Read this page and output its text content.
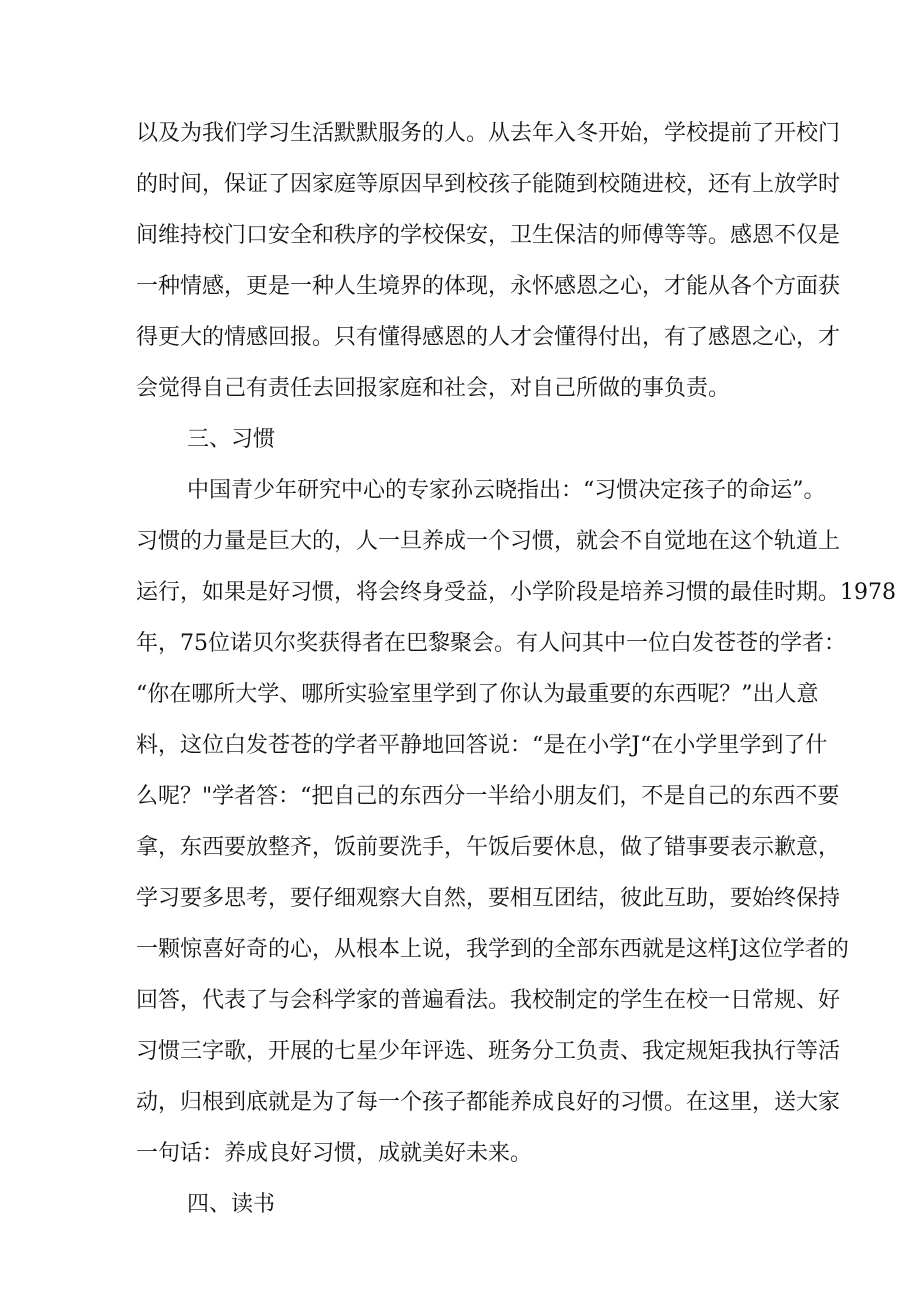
以及为我们学习生活默默服务的人。从去年入冬开始，学校提前了开校门
的时间，保证了因家庭等原因早到校孩子能随到校随进校，还有上放学时
间维持校门口安全和秩序的学校保安，卫生保洁的师傅等等。感恩不仅是
一种情感，更是一种人生境界的体现，永怀感恩之心，才能从各个方面获
得更大的情感回报。只有懂得感恩的人才会懂得付出，有了感恩之心，才
会觉得自己有责任去回报家庭和社会，对自己所做的事负责。
三、习惯
中国青少年研究中心的专家孙云晓指出：“习惯决定孩子的命运”。
习惯的力量是巨大的，人一旦养成一个习惯，就会不自觉地在这个轨道上
运行，如果是好习惯，将会终身受益，小学阶段是培养习惯的最佳时期。1978
年，75位诺贝尔奖获得者在巴黎聚会。有人问其中一位白发苍苍的学者：
“你在哪所大学、哪所实验室里学到了你认为最重要的东西呢？”出人意
料，这位白发苍苍的学者平静地回答说：“是在小学J“在小学里学到了什
么呢？"学者答：“把自己的东西分一半给小朋友们，不是自己的东西不要
拿，东西要放整齐，饭前要洗手，午饭后要休息，做了错事要表示歉意，
学习要多思考，要仔细观察大自然，要相互团结，彼此互助，要始终保持
一颗惊喜好奇的心，从根本上说，我学到的全部东西就是这样J这位学者的
回答，代表了与会科学家的普遍看法。我校制定的学生在校一日常规、好
习惯三字歌，开展的七星少年评选、班务分工负责、我定规矩我执行等活
动，归根到底就是为了每一个孩子都能养成良好的习惯。在这里，送大家
一句话：养成良好习惯，成就美好未来。
四、读书
